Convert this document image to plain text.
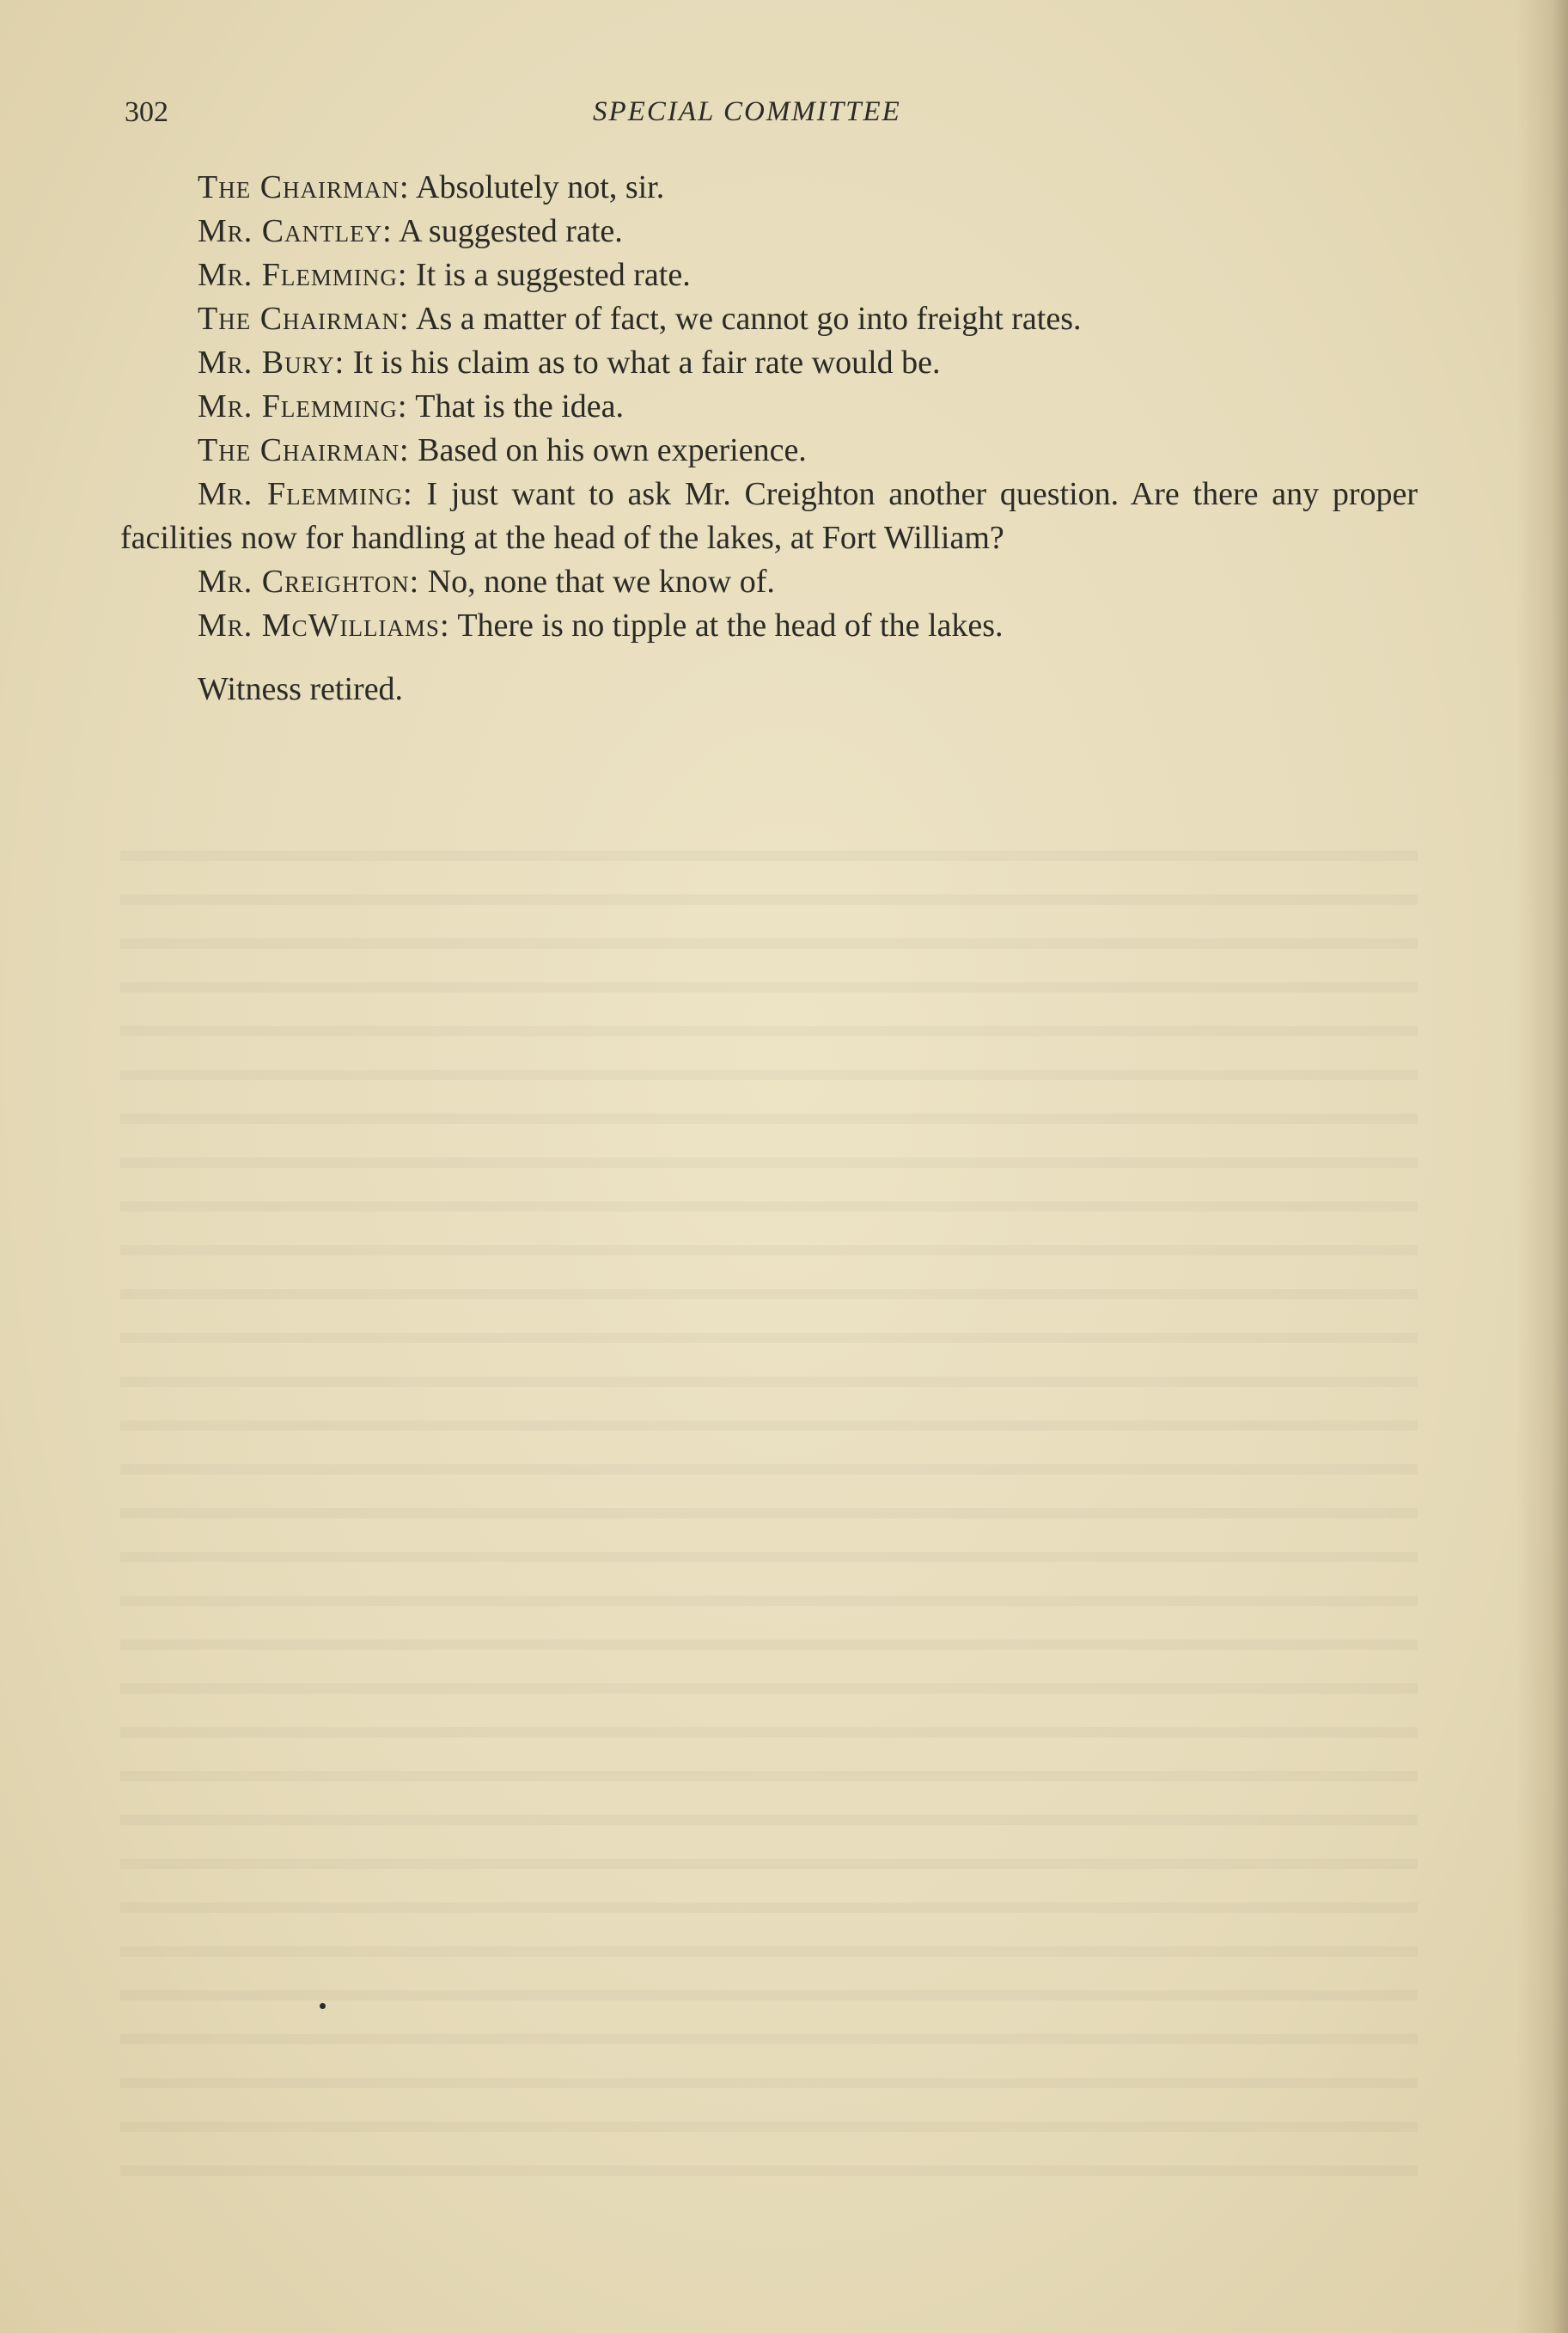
302	SPECIAL COMMITTEE

The Chairman: Absolutely not, sir.

Mr. Cantley: A suggested rate.

Mr. Flemming: It is a suggested rate.

The Chairman: As a matter of fact, we cannot go into freight rates.

Mr. Bury: It is his claim as to what a fair rate would be.

Mr. Flemming: That is the idea.

The Chairman: Based on his own experience.

Mr. Flemming: I just want to ask Mr. Creighton another question. Are there any proper facilities now for handling at the head of the lakes, at Fort William?

Mr. Creighton: No, none that we know of.

Mr. McWilliams: There is no tipple at the head of the lakes.

Witness retired.
